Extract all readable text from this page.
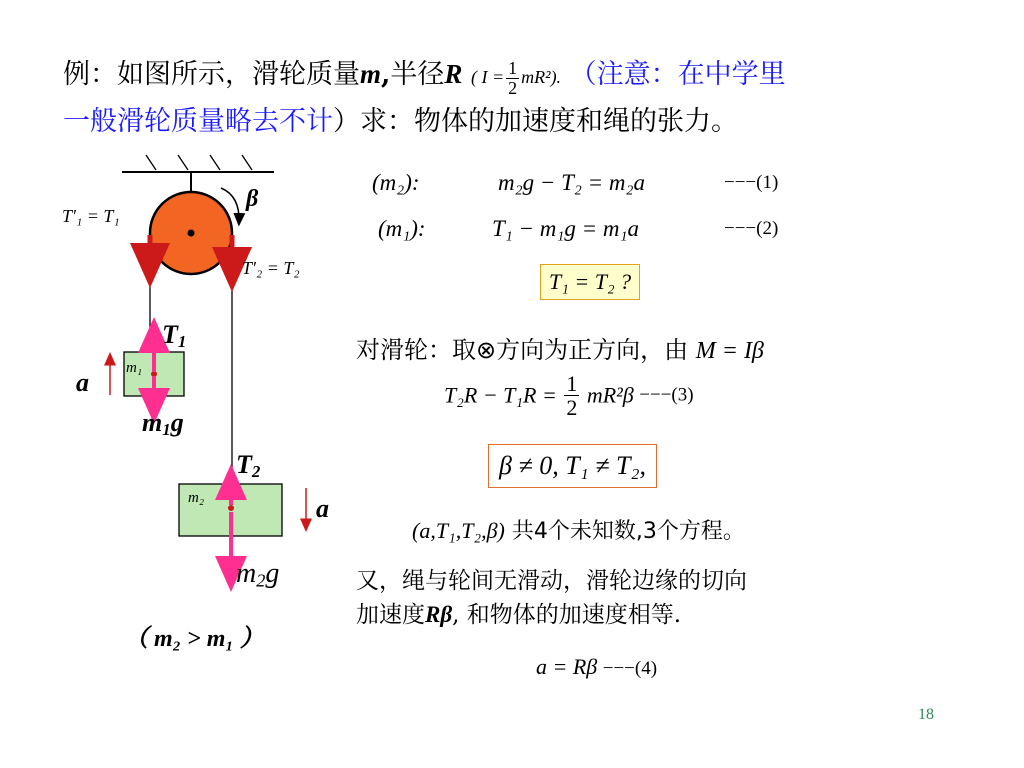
例：如图所示，滑轮质量m,半径R ( $I = \frac{1}{2} mR^2$). （注意：在中学里
一般滑轮质量略去不计）求：物体的加速度和绳的张力。
T′₁ = T₁
T′₂ = T₂
β
$T_1$
m₁
a
$m_1g$
$T_2$
m₂	a
$m_2g$
（ m₂ > m₁ ）
(m₂):	m₂g − T₂ = m₂a	−−−(1)
(m₁):	T₁ − m₁g = m₁a	−−−(2)
T₁ = T₂ ?
对滑轮：取⊗方向为正方向，由 M = Iβ
$T_2R - T_1R = \frac{1}{2} mR^2\beta ---(3)$
β ≠ 0, T₁ ≠ T₂,
(a,T₁,T₂,β) 共4个未知数,3个方程。
又，绳与轮间无滑动，滑轮边缘的切向
加速度Rβ, 和物体的加速度相等.
a = Rβ −−−(4)
18
